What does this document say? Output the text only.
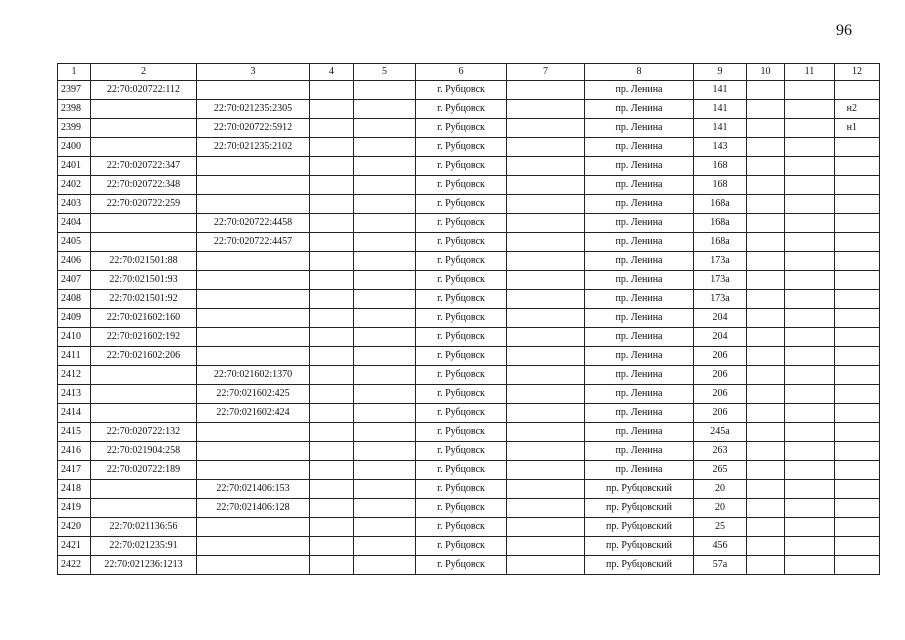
96
1	2	3	4	5	6	7	8	9	10	11	12
2397	22:70:020722:112				г. Рубцовск		пр. Ленина	141			
2398		22:70:021235:2305			г. Рубцовск		пр. Ленина	141			н2
2399		22:70:020722:5912			г. Рубцовск		пр. Ленина	141			н1
2400		22:70:021235:2102			г. Рубцовск		пр. Ленина	143			
2401	22:70:020722:347				г. Рубцовск		пр. Ленина	168			
2402	22:70:020722:348				г. Рубцовск		пр. Ленина	168			
2403	22:70:020722:259				г. Рубцовск		пр. Ленина	168а			
2404		22:70:020722:4458			г. Рубцовск		пр. Ленина	168а			
2405		22:70:020722:4457			г. Рубцовск		пр. Ленина	168а			
2406	22:70:021501:88				г. Рубцовск		пр. Ленина	173а			
2407	22:70:021501:93				г. Рубцовск		пр. Ленина	173а			
2408	22:70:021501:92				г. Рубцовск		пр. Ленина	173а			
2409	22:70:021602:160				г. Рубцовск		пр. Ленина	204			
2410	22:70:021602:192				г. Рубцовск		пр. Ленина	204			
2411	22:70:021602:206				г. Рубцовск		пр. Ленина	206			
2412		22:70:021602:1370			г. Рубцовск		пр. Ленина	206			
2413		22:70:021602:425			г. Рубцовск		пр. Ленина	206			
2414		22:70:021602:424			г. Рубцовск		пр. Ленина	206			
2415	22:70:020722:132				г. Рубцовск		пр. Ленина	245а			
2416	22:70:021904:258				г. Рубцовск		пр. Ленина	263			
2417	22:70:020722:189				г. Рубцовск		пр. Ленина	265			
2418		22:70:021406:153			г. Рубцовск		пр. Рубцовский	20			
2419		22:70:021406:128			г. Рубцовск		пр. Рубцовский	20			
2420	22:70:021136:56				г. Рубцовск		пр. Рубцовский	25			
2421	22:70:021235:91				г. Рубцовск		пр. Рубцовский	456			
2422	22:70:021236:1213				г. Рубцовск		пр. Рубцовский	57а			
